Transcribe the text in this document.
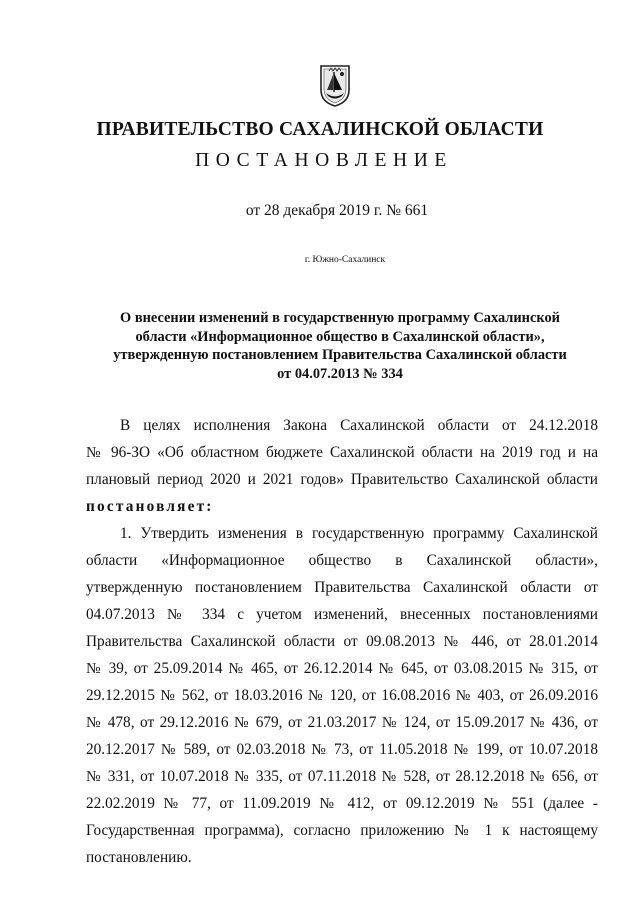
ПРАВИТЕЛЬСТВО САХАЛИНСКОЙ ОБЛАСТИ
ПОСТАНОВЛЕНИЕ
от 28 декабря 2019 г. № 661
г. Южно-Сахалинск
О внесении изменений в государственную программу Сахалинской
области «Информационное общество в Сахалинской области»,
утвержденную постановлением Правительства Сахалинской области
от 04.07.2013 № 334
В целях исполнения Закона Сахалинской области от 24.12.2018
№ 96-ЗО «Об областном бюджете Сахалинской области на 2019 год и на
плановый период 2020 и 2021 годов» Правительство Сахалинской области
постановляет:
1. Утвердить изменения в государственную программу Сахалинской
области «Информационное общество в Сахалинской области»,
утвержденную постановлением Правительства Сахалинской области от
04.07.2013 № 334 с учетом изменений, внесенных постановлениями
Правительства Сахалинской области от 09.08.2013 № 446, от 28.01.2014
№ 39, от 25.09.2014 № 465, от 26.12.2014 № 645, от 03.08.2015 № 315, от
29.12.2015 № 562, от 18.03.2016 № 120, от 16.08.2016 № 403, от 26.09.2016
№ 478, от 29.12.2016 № 679, от 21.03.2017 № 124, от 15.09.2017 № 436, от
20.12.2017 № 589, от 02.03.2018 № 73, от 11.05.2018 № 199, от 10.07.2018
№ 331, от 10.07.2018 № 335, от 07.11.2018 № 528, от 28.12.2018 № 656, от
22.02.2019 № 77, от 11.09.2019 № 412, от 09.12.2019 № 551 (далее -
Государственная программа), согласно приложению № 1 к настоящему
постановлению.
